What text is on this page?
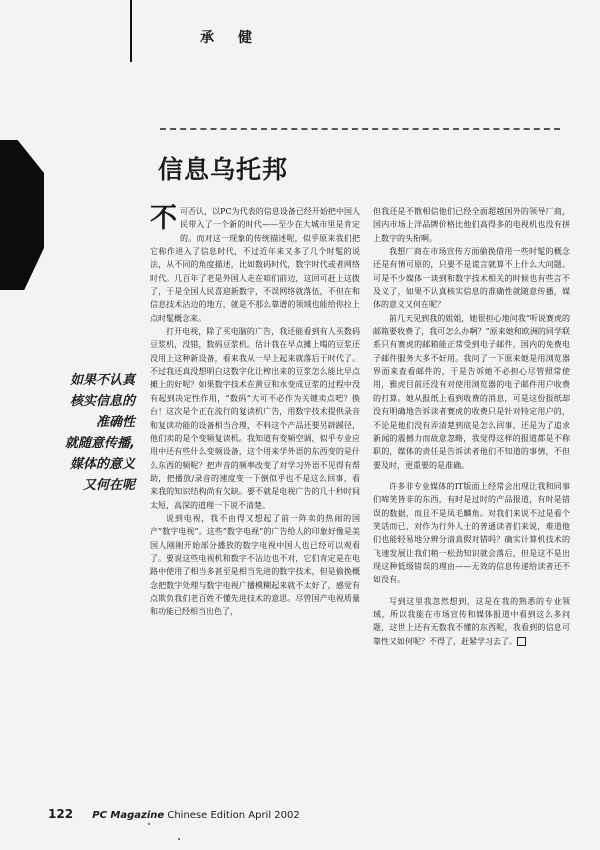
承健
信息乌托邦
如果不认真
核实信息的
准确性
就随意传播,
媒体的意义
又何在呢

不可否认，以PC为代表的信息设备已经开始把中国人民带入了一个新的时代——至少在大城市里是肯定的。而对这一现象的传统描述呢，似乎原来我们把它称作进入了信息时代，不过近年来又多了几个时髦的说法，从不同的角度描述，比如数码时代，数字时代或者网络时代。几百年了老是外国人走在咱们前边，这回可赶上这拨了，于是全国人民喜迎新数字，不误网络就落伍，不但在和信息技术沾边的地方，就是不那么靠谱的领域也能给你拉上点时髦概念来。

打开电视，除了买电脑的广告，我还能看到有人买数码豆浆机，没错，数码豆浆机。估计我在早点摊上喝的豆浆还没用上这种新设备，看来我从一早上起来就落后于时代了。不过我还真没想明白这数字化让榨出来的豆浆怎么能比早点摊上的好呢？如果数字技术在黄豆和水变成豆浆的过程中没有起到决定性作用，“数码”大可不必作为关键卖点吧？换台！这次是个正在流行的复读机广告，用数字技术提供录音和复读功能的设备相当合理，不料这个产品还要另辟蹊径，他们卖的是个变频复读机。我知道有变频空调，似乎专业应用中还有些什么变频设备，这个用来学外语的东西变的是什么东西的频呢？把声音的频率改变了对学习外语不见得有帮助，把播放/录音的速度变一下倒似乎也不是这么回事，看来我的知识结构尚有欠缺。要不就是电视广告的几十秒时间太短，高深的道理一下说不清楚。

说到电视，我不由得又想起了前一阵卖的热闹的国产“数字电视”。这些“数字电视”的广告给人的印象好像是美国人刚刚开始部分播放的数字电视中国人也已经可以观看了。要说这些电视机和数字不沾边也不对，它们肯定是在电路中使用了相当多甚至是相当先进的数字技术，但是偷换概念把数字处理与数字电视广播模糊起来就不太好了，感觉有点欺负我们老百姓不懂先进技术的意思。尽管国产电视质量和功能已经相当出色了，

但我还是不散相信他们已经全面超越国外的领导厂商，国内市场上洋品牌价格比他们高得多的电视机也没有拼上数字的头衔啊。

我想厂商在市场宣传方面偷换借用一些时髦的概念还是有情可原的，只要不是谎言就算不上什么大问题。可是不少媒体一谈到和数字技术相关的时候也有些言不及义了，如果不认真核实信息的准确性就随意传播，媒体的意义又何在呢？

前几天见到我的姐姐，她很担心地问我“听说赛虎的邮箱要收费了，我可怎么办啊？”原来她和欧洲的同学联系只有赛虎的邮箱能正常受到电子邮件，国内的免费电子邮件服务大多不好用。我问了一下原来她是用浏览器界面来查看邮件的，于是告诉她不必担心尽管照常使用，雅虎目前还没有对使用浏览器的电子邮件用户收费的打算。她从报纸上看到收费的消息，可是这份报纸却没有明确地告诉读者赛虎的收费只是针对特定用户的，不论是他们没有弄清楚到底是怎么回事，还是为了追求新闻的震撼力而故意忽略，我觉得这样的报道都是不称职的，媒体的责任是告诉读者他们不知道的事情，不但要及时，更重要的是准确。

许多非专业媒体的IT版面上经常会出现让我和同事们啼笑皆非的东西，有时是过时的产品报道，有时是错误的数据，而且不是凤毛麟角。对我们来说不过是看个笑话而已，对作为行外人士的普通读者们来说，难道他们也能轻易地分辨分清真假对错吗？确实计算机技术的飞速发展让我们稍一松劲知识就会落后，但是这不是出现这种低级错误的理由——无效的信息传递给读者还不如没有。

写到这里我忽然想到，这是在我的熟悉的专业领域，所以我能在市场宣传和媒体报道中看到这么多问题，这世上还有无数我不懂的东西呢，我看到的信息可靠性又如何呢？不得了，赶紧学习去了。

122 PC Magazine Chinese Edition April 2002
